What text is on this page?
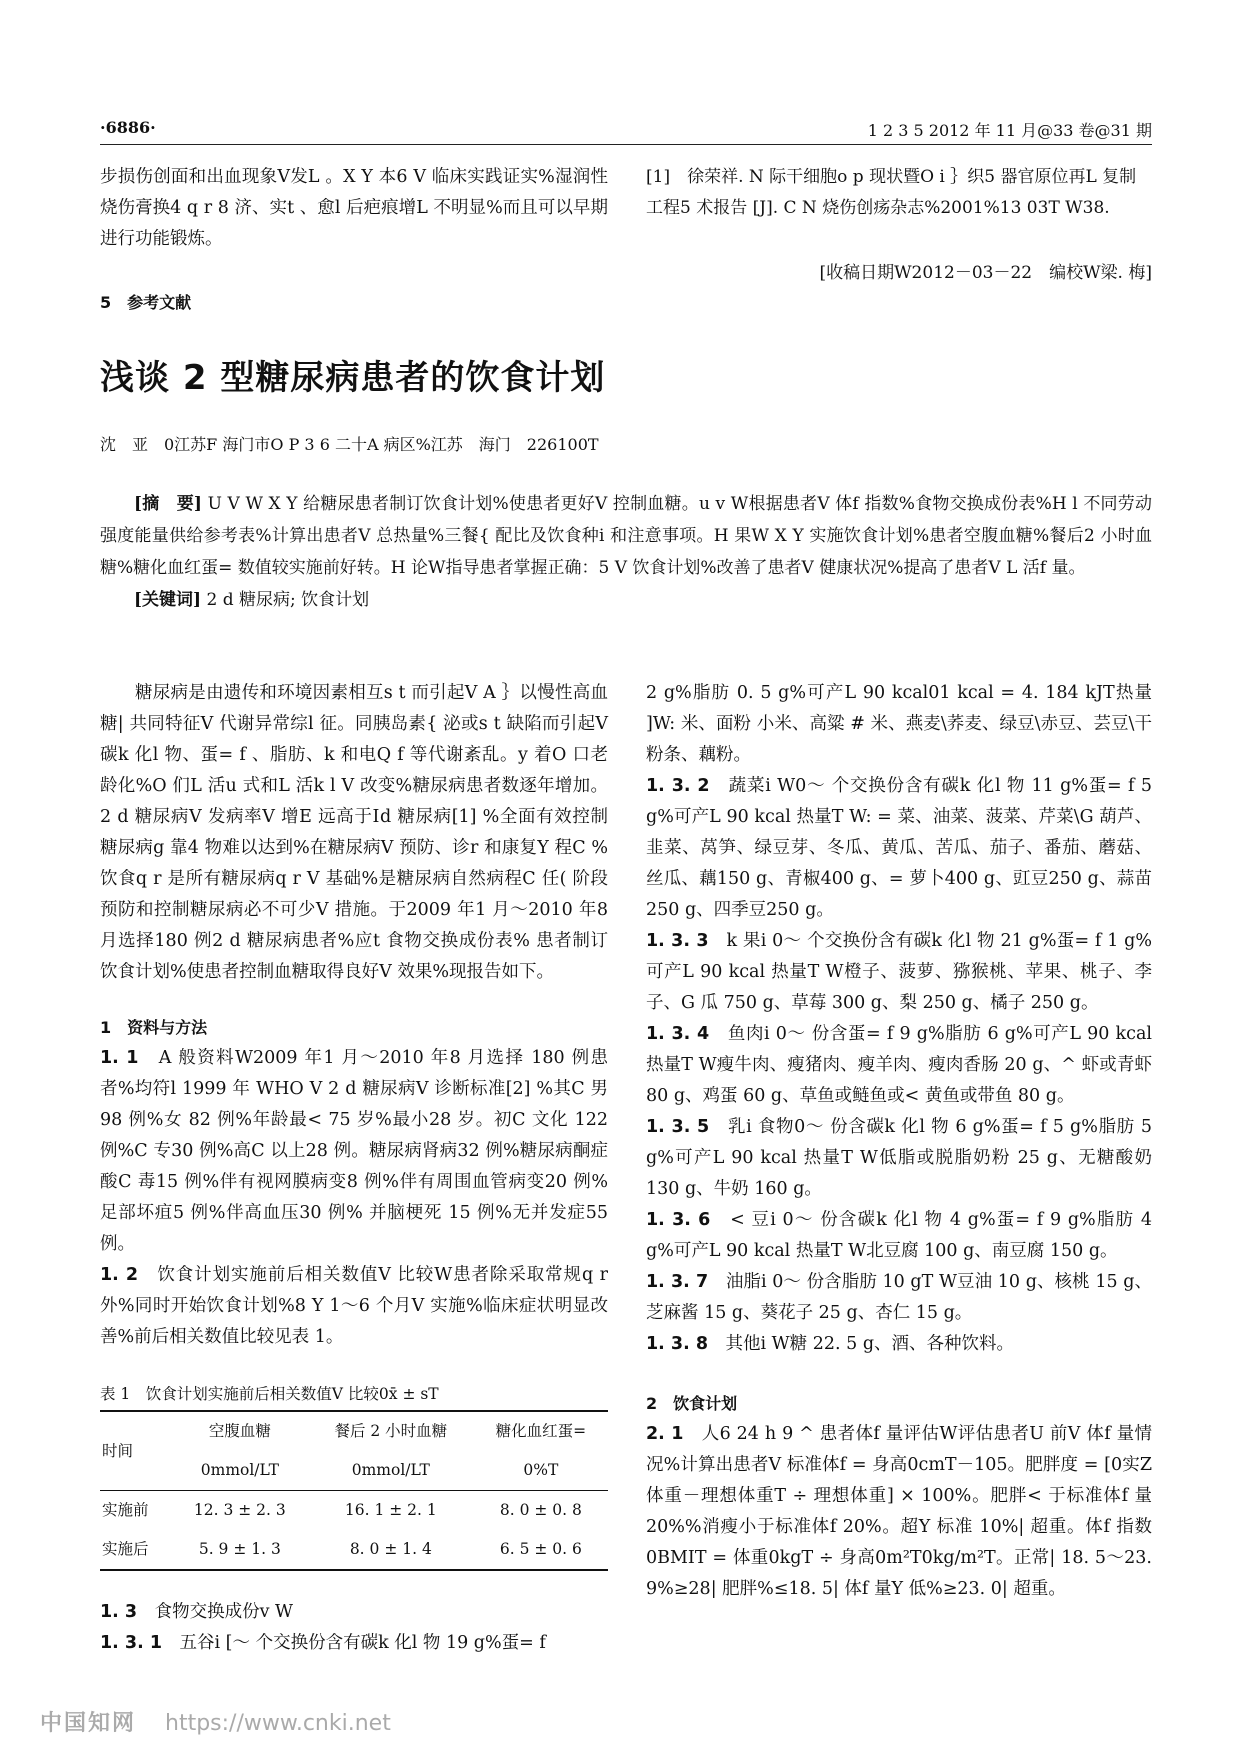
·6886·	1 2 3 5 2012 年 11 月@33 卷@31 期

步损伤创面和出血现象V发L 。X Y 本6 V 临床实践证实%湿润性烧伤膏换4 q r 8 济、实t 、愈l 后疤痕增L 不明显%而且可以早期进行功能锻炼。

5　参考文献
[1]　徐荣祥. N 际干细胞o p 现状暨O i ｝织5 器官原位再L 复制工程5 术报告 [J]. C N 烧伤创疡杂志%2001%13 03T W38.
[收稿日期W2012－03－22　编校W梁. 梅]
浅谈 2 型糖尿病患者的饮食计划
沈　亚　0江苏F 海门市O P 3 6 二十A 病区%江苏　海门　226100T

[摘　要] U V W X Y 给糖尿患者制订饮食计划%使患者更好V 控制血糖。u v W根据患者V 体f 指数%食物交换成份表%H l 不同劳动强度能量供给参考表%计算出患者V 总热量%三餐{ 配比及饮食种i 和注意事项。H 果W X Y 实施饮食计划%患者空腹血糖%餐后2 小时血糖%糖化血红蛋= 数值较实施前好转。H 论W指导患者掌握正确：5 V 饮食计划%改善了患者V 健康状况%提高了患者V L 活f 量。

[关键词] 2 d 糖尿病; 饮食计划

糖尿病是由遗传和环境因素相互s t 而引起V A ｝以慢性高血糖| 共同特征V 代谢异常综l 征。同胰岛素{ 泌或s t 缺陷而引起V 碳k 化l 物、蛋= f 、脂肪、k 和电Q f 等代谢紊乱。y 着O 口老龄化%O 们L 活u 式和L 活k l V 改变%糖尿病患者数逐年增加。2 d 糖尿病V 发病率V 增E 远高于Ⅰd 糖尿病[1] %全面有效控制糖尿病g 靠4 物难以达到%在糖尿病V 预防、诊r 和康复Y 程C %饮食q r 是所有糖尿病q r V 基础%是糖尿病自然病程C 任( 阶段预防和控制糖尿病必不可少V 措施。于2009 年1 月～2010 年8 月选择180 例2 d 糖尿病患者%应t 食物交换成份表% 患者制订饮食计划%使患者控制血糖取得良好V 效果%现报告如下。

1　资料与方法

1. 1　 A 般资料W2009 年1 月～2010 年8 月选择 180 例患者%均符l 1999 年 WHO V 2 d 糖尿病V 诊断标准[2] %其C 男 98 例%女 82 例%年龄最< 75 岁%最小28 岁。初C 文化 122 例%C 专30 例%高C 以上28 例。糖尿病肾病32 例%糖尿病酮症酸C 毒15 例%伴有视网膜病变8 例%伴有周围血管病变20 例%足部坏疽5 例%伴高血压30 例% 并脑梗死 15 例%无并发症55 例。

1. 2　 饮食计划实施前后相关数值V 比较W患者除采取常规q r 外%同时开始饮食计划%8 Y 1～6 个月V 实施%临床症状明显改善%前后相关数值比较见表 1。

表 1　饮食计划实施前后相关数值V 比较0x̄ ± sT
时间	空腹血糖	餐后 2 小时血糖	糖化血红蛋=
	0mmol/LT	0mmol/LT	0%T
实施前	12. 3 ± 2. 3	16. 1 ± 2. 1	8. 0 ± 0. 8
实施后	5. 9 ± 1. 3	8. 0 ± 1. 4	6. 5 ± 0. 6

1. 3　 食物交换成份v W

1. 3. 1　 五谷i [～ 个交换份含有碳k 化l 物 19 g%蛋= f

2 g%脂肪 0. 5 g%可产L 90 kcal01 kcal = 4. 184 kJT热量 ]W: 米、面粉 小米、高粱 # 米、燕麦\荞麦、绿豆\赤豆、芸豆\干粉条、藕粉。

1. 3. 2　 蔬菜i W0～ 个交换份含有碳k 化l 物 11 g%蛋= f 5 g%可产L 90 kcal 热量T W: = 菜、油菜、菠菜、芹菜\G 葫芦、韭菜、莴笋、绿豆芽、冬瓜、黄瓜、苦瓜、茄子、番茄、蘑菇、丝瓜、藕150 g、青椒400 g、= 萝卜400 g、豇豆250 g、蒜苗250 g、四季豆250 g。

1. 3. 3　 k 果i 0～ 个交换份含有碳k 化l 物 21 g%蛋= f 1 g%可产L 90 kcal 热量T W橙子、菠萝、猕猴桃、苹果、桃子、李子、G 瓜 750 g、草莓 300 g、梨 250 g、橘子 250 g。

1. 3. 4　 鱼肉i 0～ 份含蛋= f 9 g%脂肪 6 g%可产L 90 kcal 热量T W瘦牛肉、瘦猪肉、瘦羊肉、瘦肉香肠 20 g、^ 虾或青虾 80 g、鸡蛋 60 g、草鱼或鲢鱼或< 黄鱼或带鱼 80 g。

1. 3. 5　 乳i 食物0～ 份含碳k 化l 物 6 g%蛋= f 5 g%脂肪 5 g%可产L 90 kcal 热量T W低脂或脱脂奶粉 25 g、无糖酸奶 130 g、牛奶 160 g。

1. 3. 6　 < 豆i 0～ 份含碳k 化l 物 4 g%蛋= f 9 g%脂肪 4 g%可产L 90 kcal 热量T W北豆腐 100 g、南豆腐 150 g。

1. 3. 7　 油脂i 0～ 份含脂肪 10 gT W豆油 10 g、核桃 15 g、芝麻酱 15 g、葵花子 25 g、杏仁 15 g。

1. 3. 8　 其他i W糖 22. 5 g、酒、各种饮料。

2　饮食计划

2. 1　 人6 24 h 9 ^ 患者体f 量评估W评估患者U 前V 体f 量情况%计算出患者V 标准体f = 身高0cmT－105。肥胖度 = [0实Z 体重－理想体重T ÷ 理想体重] × 100%。肥胖< 于标准体f 量 20%%消瘦小于标准体f 20%。超Y 标准 10%| 超重。体f 指数0BMIT = 体重0kgT ÷ 身高0m²T0kg/m²T。正常| 18. 5～23. 9%≥28| 肥胖%≤18. 5| 体f 量Y 低%≥23. 0| 超重。

中国知网 https://www.cnki.net
